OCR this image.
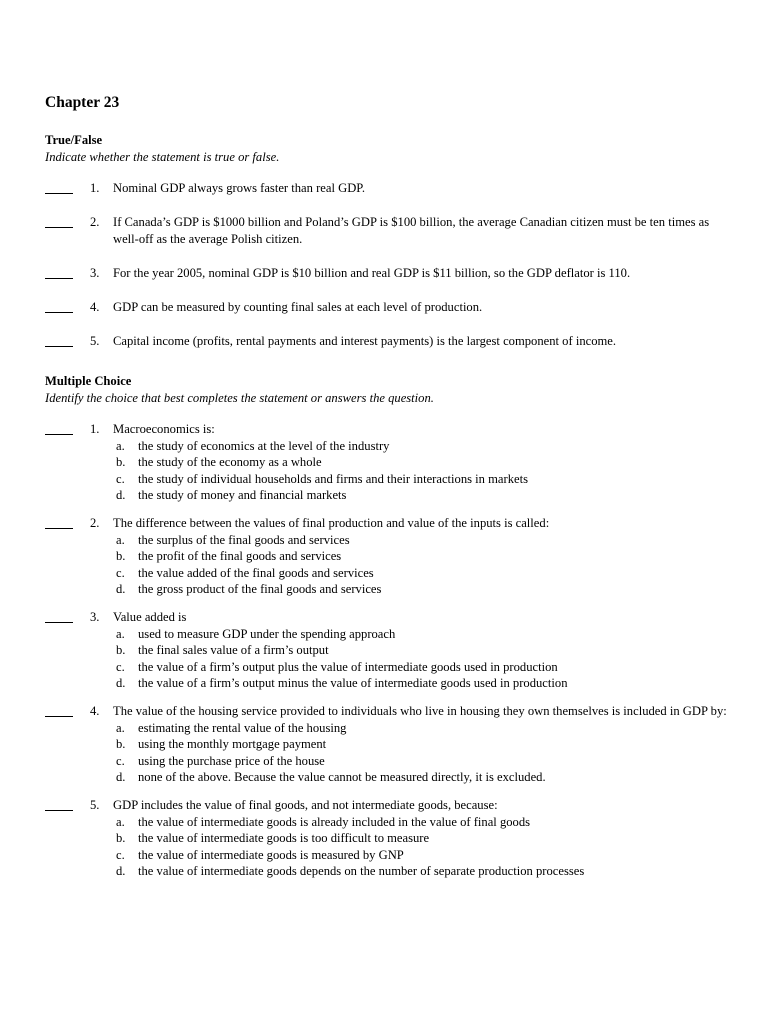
Chapter 23
True/False
Indicate whether the statement is true or false.
1. Nominal GDP always grows faster than real GDP.
2. If Canada’s GDP is $1000 billion and Poland’s GDP is $100 billion, the average Canadian citizen must be ten times as well-off as the average Polish citizen.
3. For the year 2005, nominal GDP is $10 billion and real GDP is $11 billion, so the GDP deflator is 110.
4. GDP can be measured by counting final sales at each level of production.
5. Capital income (profits, rental payments and interest payments) is the largest component of income.
Multiple Choice
Identify the choice that best completes the statement or answers the question.
1. Macroeconomics is:
a. the study of economics at the level of the industry
b. the study of the economy as a whole
c. the study of individual households and firms and their interactions in markets
d. the study of money and financial markets
2. The difference between the values of final production and value of the inputs is called:
a. the surplus of the final goods and services
b. the profit of the final goods and services
c. the value added of the final goods and services
d. the gross product of the final goods and services
3. Value added is
a. used to measure GDP under the spending approach
b. the final sales value of a firm’s output
c. the value of a firm’s output plus the value of intermediate goods used in production
d. the value of a firm’s output minus the value of intermediate goods used in production
4. The value of the housing service provided to individuals who live in housing they own themselves is included in GDP by:
a. estimating the rental value of the housing
b. using the monthly mortgage payment
c. using the purchase price of the house
d. none of the above. Because the value cannot be measured directly, it is excluded.
5. GDP includes the value of final goods, and not intermediate goods, because:
a. the value of intermediate goods is already included in the value of final goods
b. the value of intermediate goods is too difficult to measure
c. the value of intermediate goods is measured by GNP
d. the value of intermediate goods depends on the number of separate production processes
